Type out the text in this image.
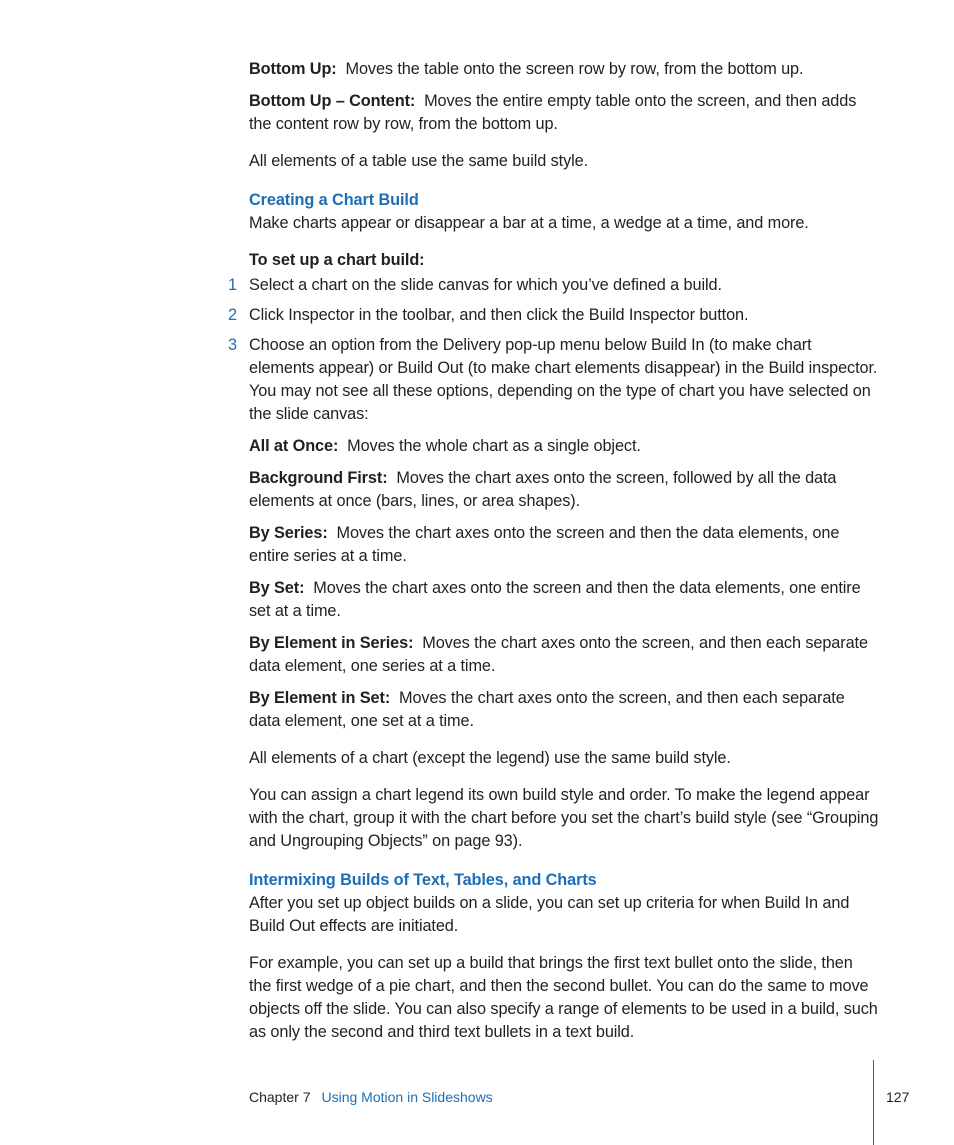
Bottom Up: Moves the table onto the screen row by row, from the bottom up.

Bottom Up – Content: Moves the entire empty table onto the screen, and then adds the content row by row, from the bottom up.

All elements of a table use the same build style.

Creating a Chart Build

Make charts appear or disappear a bar at a time, a wedge at a time, and more.

To set up a chart build:

1 Select a chart on the slide canvas for which you’ve defined a build.

2 Click Inspector in the toolbar, and then click the Build Inspector button.

3 Choose an option from the Delivery pop-up menu below Build In (to make chart elements appear) or Build Out (to make chart elements disappear) in the Build inspector. You may not see all these options, depending on the type of chart you have selected on the slide canvas:

All at Once: Moves the whole chart as a single object.

Background First: Moves the chart axes onto the screen, followed by all the data elements at once (bars, lines, or area shapes).

By Series: Moves the chart axes onto the screen and then the data elements, one entire series at a time.

By Set: Moves the chart axes onto the screen and then the data elements, one entire set at a time.

By Element in Series: Moves the chart axes onto the screen, and then each separate data element, one series at a time.

By Element in Set: Moves the chart axes onto the screen, and then each separate data element, one set at a time.

All elements of a chart (except the legend) use the same build style.

You can assign a chart legend its own build style and order. To make the legend appear with the chart, group it with the chart before you set the chart’s build style (see “Grouping and Ungrouping Objects” on page 93).

Intermixing Builds of Text, Tables, and Charts

After you set up object builds on a slide, you can set up criteria for when Build In and Build Out effects are initiated.

For example, you can set up a build that brings the first text bullet onto the slide, then the first wedge of a pie chart, and then the second bullet. You can do the same to move objects off the slide. You can also specify a range of elements to be used in a build, such as only the second and third text bullets in a text build.

Chapter 7 Using Motion in Slideshows	127
